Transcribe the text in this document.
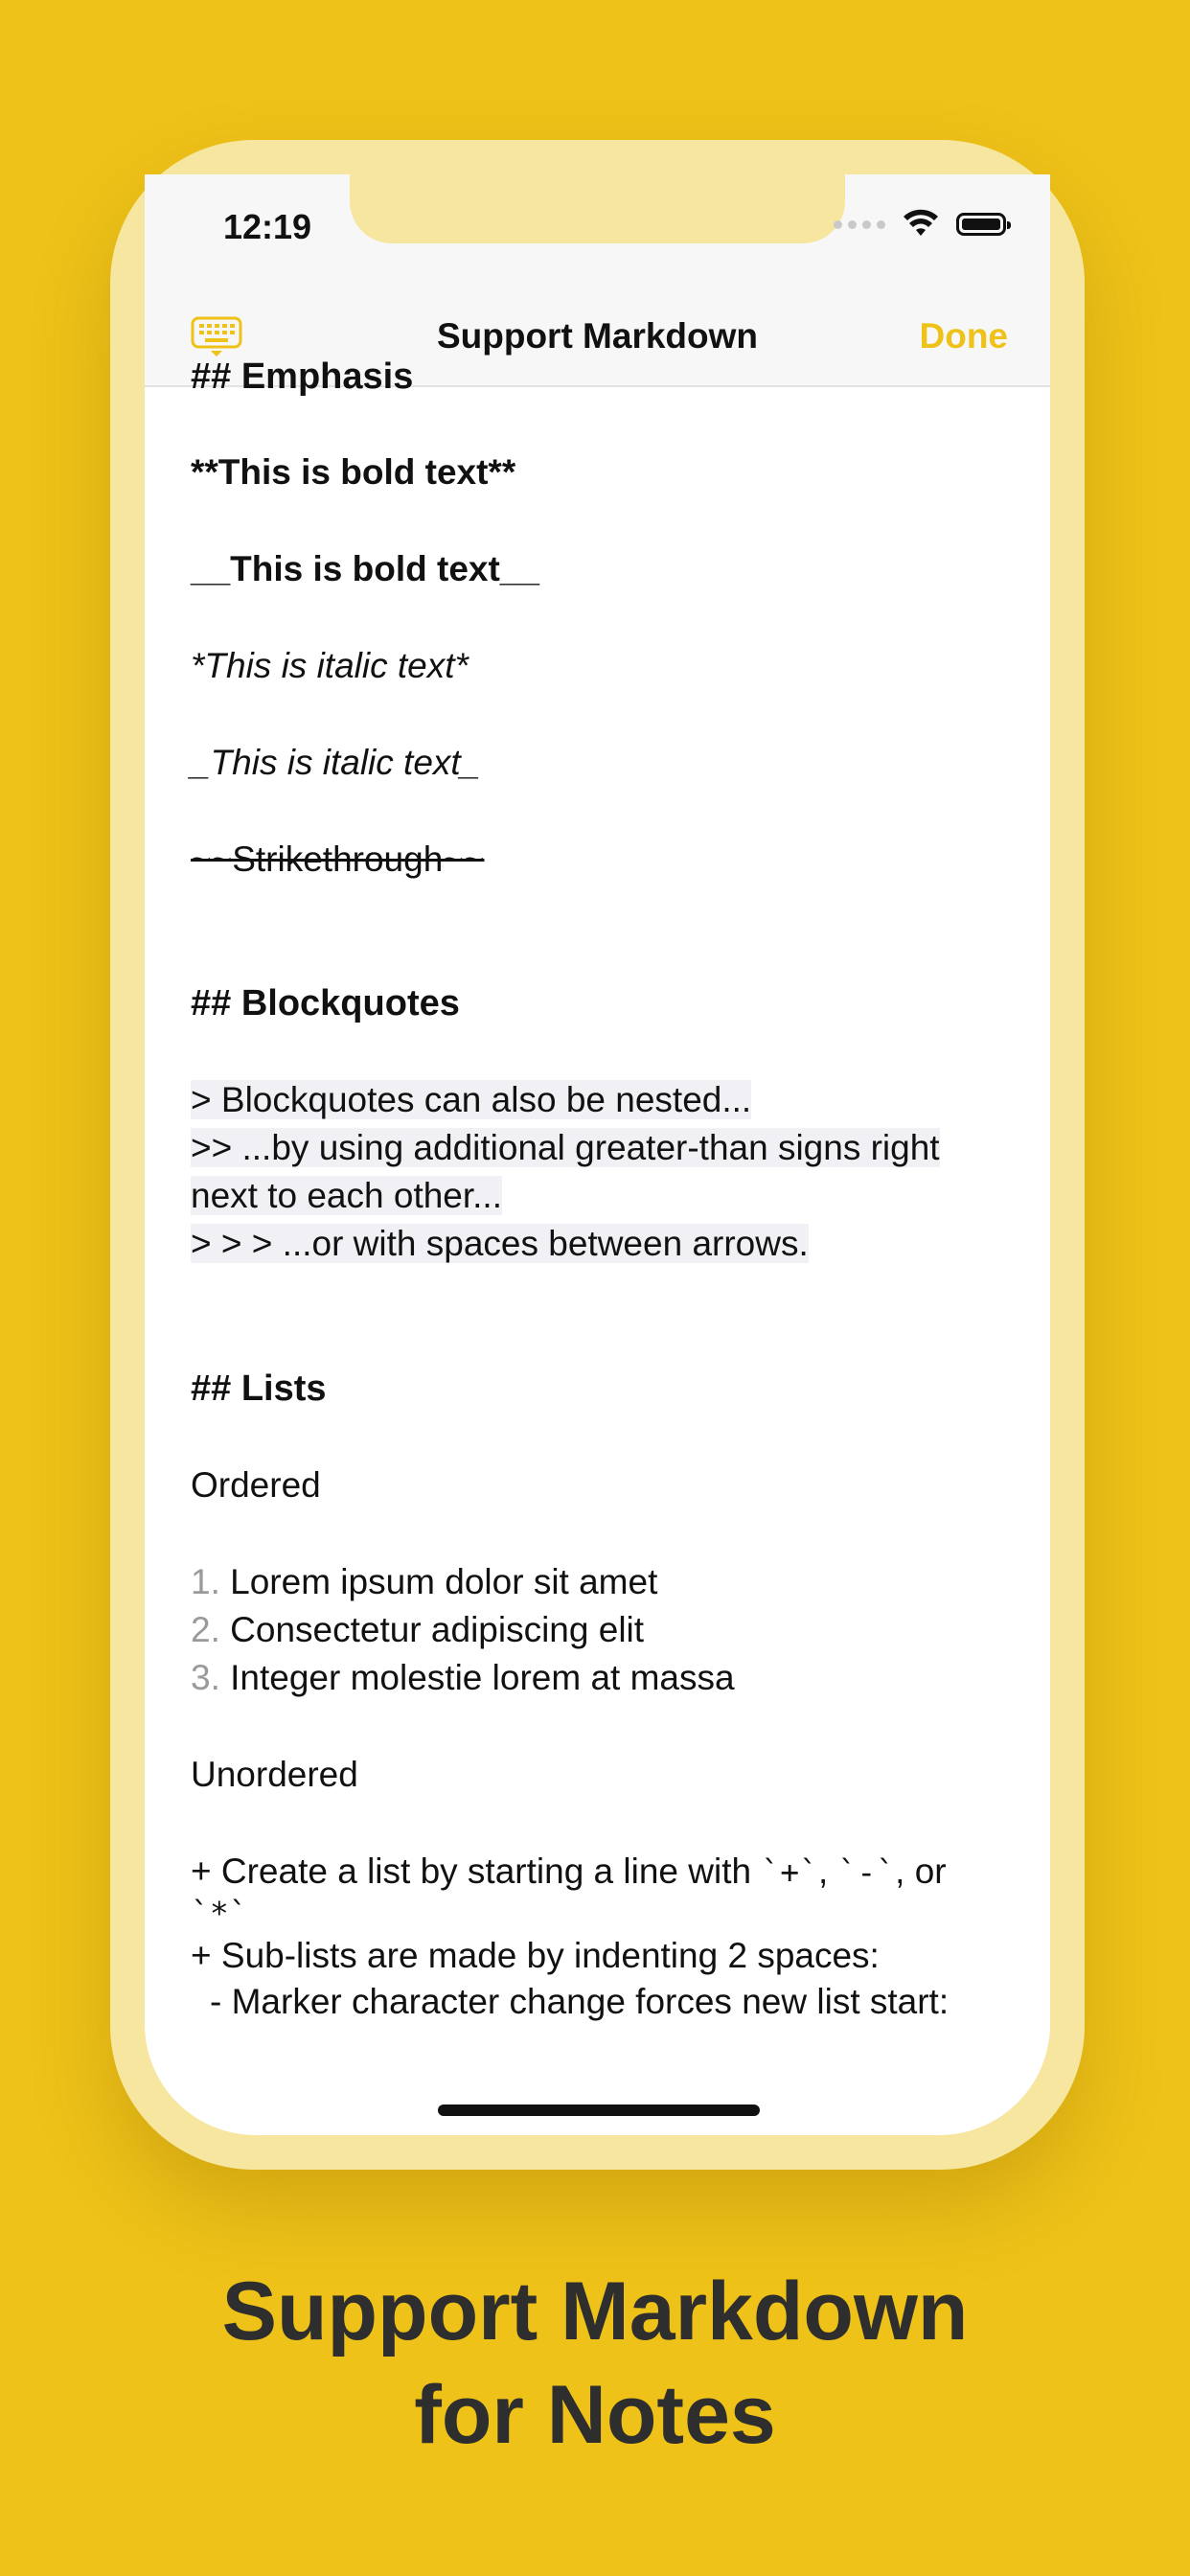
12:19
Support Markdown	Done
## Emphasis
**This is bold text**
__This is bold text__
*This is italic text*
_This is italic text_
~~Strikethrough~~
## Blockquotes
> Blockquotes can also be nested...
>> ...by using additional greater-than signs right
next to each other...
> > > ...or with spaces between arrows.
## Lists
Ordered
1. Lorem ipsum dolor sit amet
2. Consectetur adipiscing elit
3. Integer molestie lorem at massa
Unordered
+ Create a list by starting a line with `+`, `-`, or
`*`
+ Sub-lists are made by indenting 2 spaces:
- Marker character change forces new list start:
Support Markdown
for Notes
